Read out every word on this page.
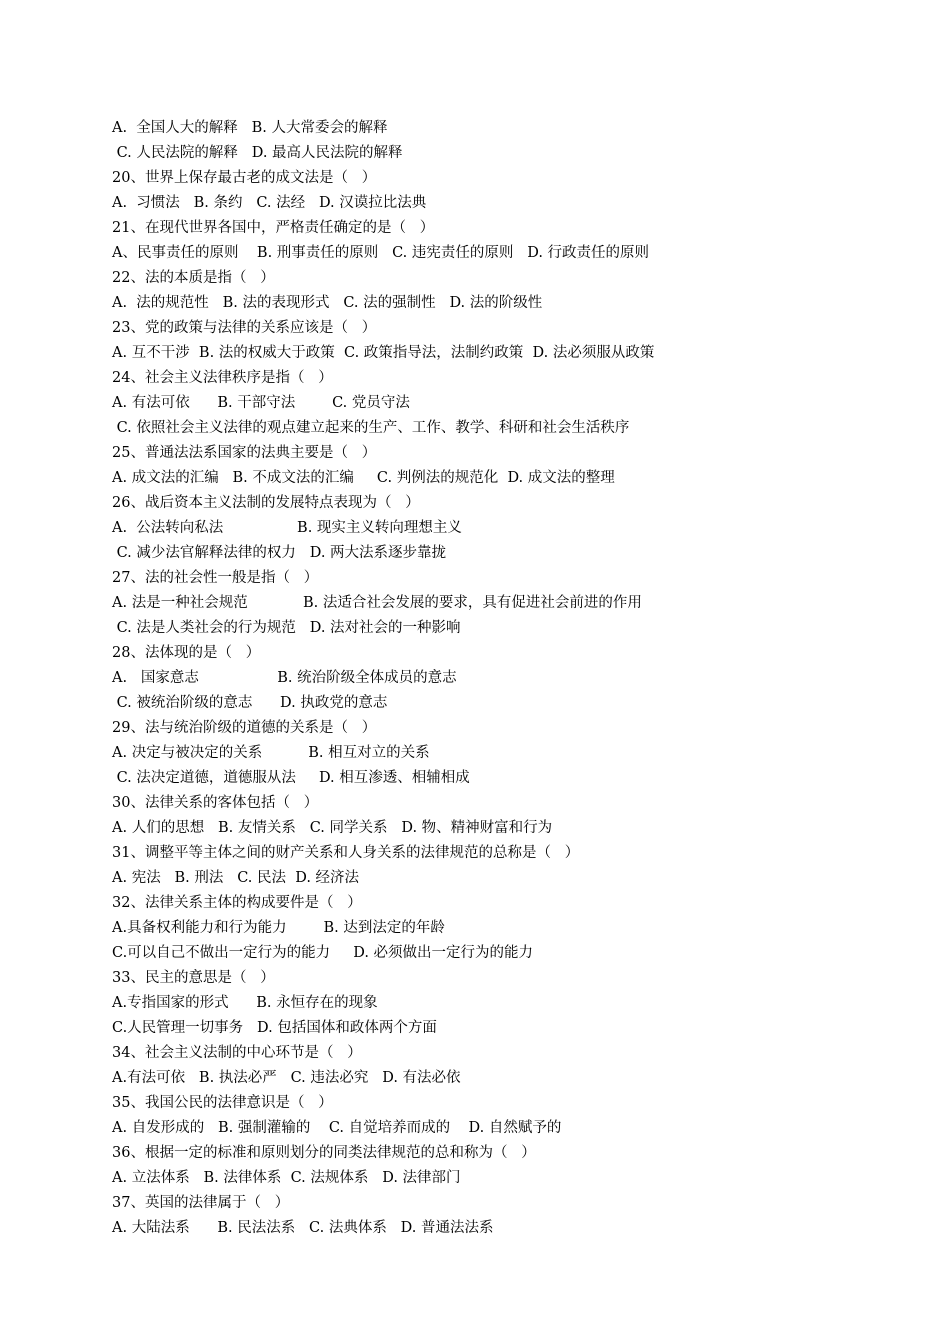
A.  全国人大的解释   B. 人大常委会的解释
C. 人民法院的解释   D. 最高人民法院的解释
20、世界上保存最古老的成文法是（   ）
A.  习惯法   B. 条约   C. 法经   D. 汉谟拉比法典
21、在现代世界各国中，严格责任确定的是（   ）
A、民事责任的原则    B. 刑事责任的原则   C. 违宪责任的原则   D. 行政责任的原则
22、法的本质是指（   ）
A.  法的规范性   B. 法的表现形式   C. 法的强制性   D. 法的阶级性
23、党的政策与法律的关系应该是（   ）
A. 互不干涉  B. 法的权威大于政策  C. 政策指导法，法制约政策  D. 法必须服从政策
24、社会主义法律秩序是指（   ）
A. 有法可依      B. 干部守法        C. 党员守法
C. 依照社会主义法律的观点建立起来的生产、工作、教学、科研和社会生活秩序
25、普通法法系国家的法典主要是（   ）
A. 成文法的汇编   B. 不成文法的汇编     C. 判例法的规范化  D. 成文法的整理
26、战后资本主义法制的发展特点表现为（   ）
A.  公法转向私法                B. 现实主义转向理想主义
C. 减少法官解释法律的权力   D. 两大法系逐步靠拢
27、法的社会性一般是指（   ）
A. 法是一种社会规范            B. 法适合社会发展的要求，具有促进社会前进的作用
C. 法是人类社会的行为规范   D. 法对社会的一种影响
28、法体现的是（   ）
A.   国家意志                 B. 统治阶级全体成员的意志
C. 被统治阶级的意志      D. 执政党的意志
29、法与统治阶级的道德的关系是（   ）
A. 决定与被决定的关系          B. 相互对立的关系
C. 法决定道德，道德服从法     D. 相互渗透、相辅相成
30、法律关系的客体包括（   ）
A. 人们的思想   B. 友情关系   C. 同学关系   D. 物、精神财富和行为
31、调整平等主体之间的财产关系和人身关系的法律规范的总称是（   ）
A. 宪法   B. 刑法   C. 民法  D. 经济法
32、法律关系主体的构成要件是（   ）
A.具备权利能力和行为能力        B. 达到法定的年龄
C.可以自己不做出一定行为的能力     D. 必须做出一定行为的能力
33、民主的意思是（   ）
A.专指国家的形式      B. 永恒存在的现象
C.人民管理一切事务   D. 包括国体和政体两个方面
34、社会主义法制的中心环节是（   ）
A.有法可依   B. 执法必严   C. 违法必究   D. 有法必依
35、我国公民的法律意识是（   ）
A. 自发形成的   B. 强制灌输的    C. 自觉培养而成的    D. 自然赋予的
36、根据一定的标准和原则划分的同类法律规范的总和称为（   ）
A. 立法体系   B. 法律体系  C. 法规体系   D. 法律部门
37、英国的法律属于（   ）
A. 大陆法系      B. 民法法系   C. 法典体系   D. 普通法法系
